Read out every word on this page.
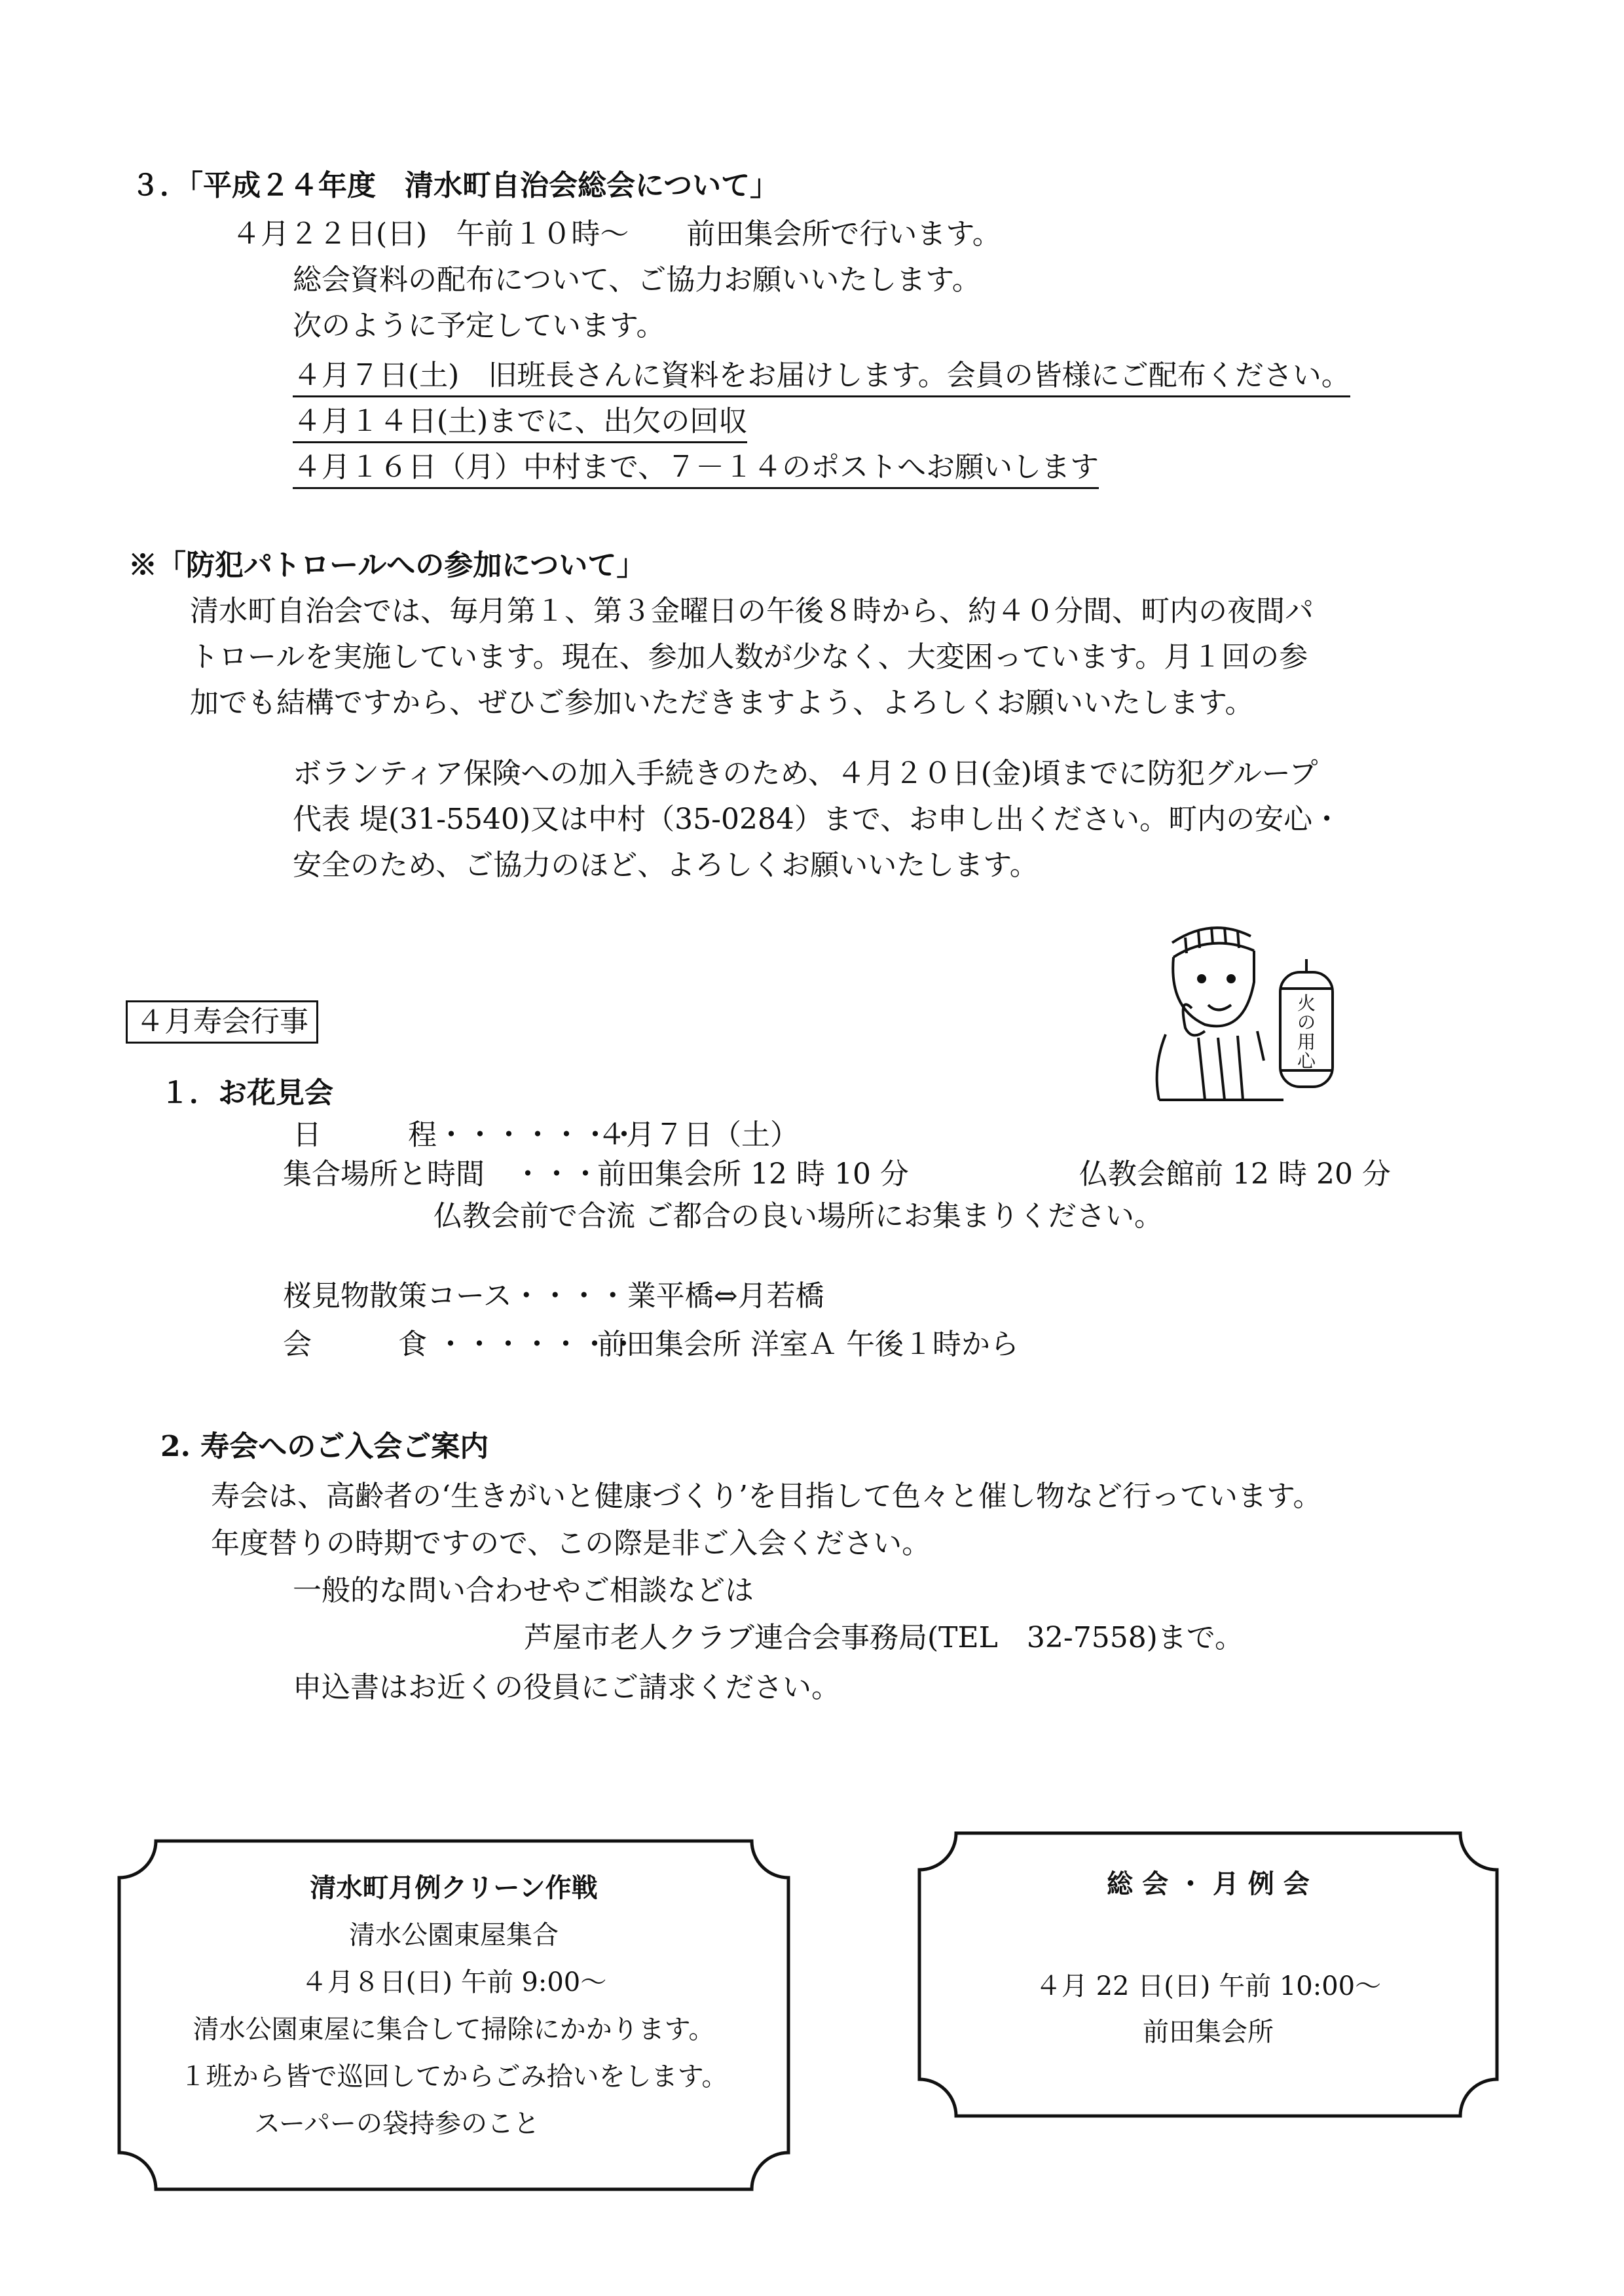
３．「平成２４年度　清水町自治会総会について」
４月２２日(日)　午前１０時～　　前田集会所で行います。
総会資料の配布について、ご協力お願いいたします。
次のように予定しています。
４月７日(土)　旧班長さんに資料をお届けします。会員の皆様にご配布ください。
４月１４日(土)までに、出欠の回収
４月１６日（月）中村まで、７－１４のポストへお願いします
※「防犯パトロールへの参加について」
清水町自治会では、毎月第１、第３金曜日の午後８時から、約４０分間、町内の夜間パ
トロールを実施しています。現在、参加人数が少なく、大変困っています。月１回の参
加でも結構ですから、ぜひご参加いただきますよう、よろしくお願いいたします。
ボランティア保険への加入手続きのため、４月２０日(金)頃までに防犯グループ
代表 堤(31-5540)又は中村（35-0284）まで、お申し出ください。町内の安心・
安全のため、ご協力のほど、よろしくお願いいたします。
火の用心
４月寿会行事
１．お花見会
日　　　程・・・・・・・
４月７日（土）
集合場所と時間　・・・
前田集会所 12 時 10 分	仏教会館前 12 時 20 分
仏教会前で合流 ご都合の良い場所にお集まりください。
桜見物散策コース・・・・業平橋⇔月若橋
会　　　食 ・・・・・・・
前田集会所 洋室Ａ 午後１時から
2. 寿会へのご入会ご案内
寿会は、高齢者の‘生きがいと健康づくり’を目指して色々と催し物など行っています。
年度替りの時期ですので、この際是非ご入会ください。
一般的な問い合わせやご相談などは
芦屋市老人クラブ連合会事務局(TEL　32-7558)まで。
申込書はお近くの役員にご請求ください。
清水町月例クリーン作戦
清水公園東屋集合
４月８日(日) 午前 9:00～
清水公園東屋に集合して掃除にかかります。
１班から皆で巡回してからごみ拾いをします。
スーパーの袋持参のこと
総 会 ・ 月 例 会
４月 22 日(日) 午前 10:00～
前田集会所
